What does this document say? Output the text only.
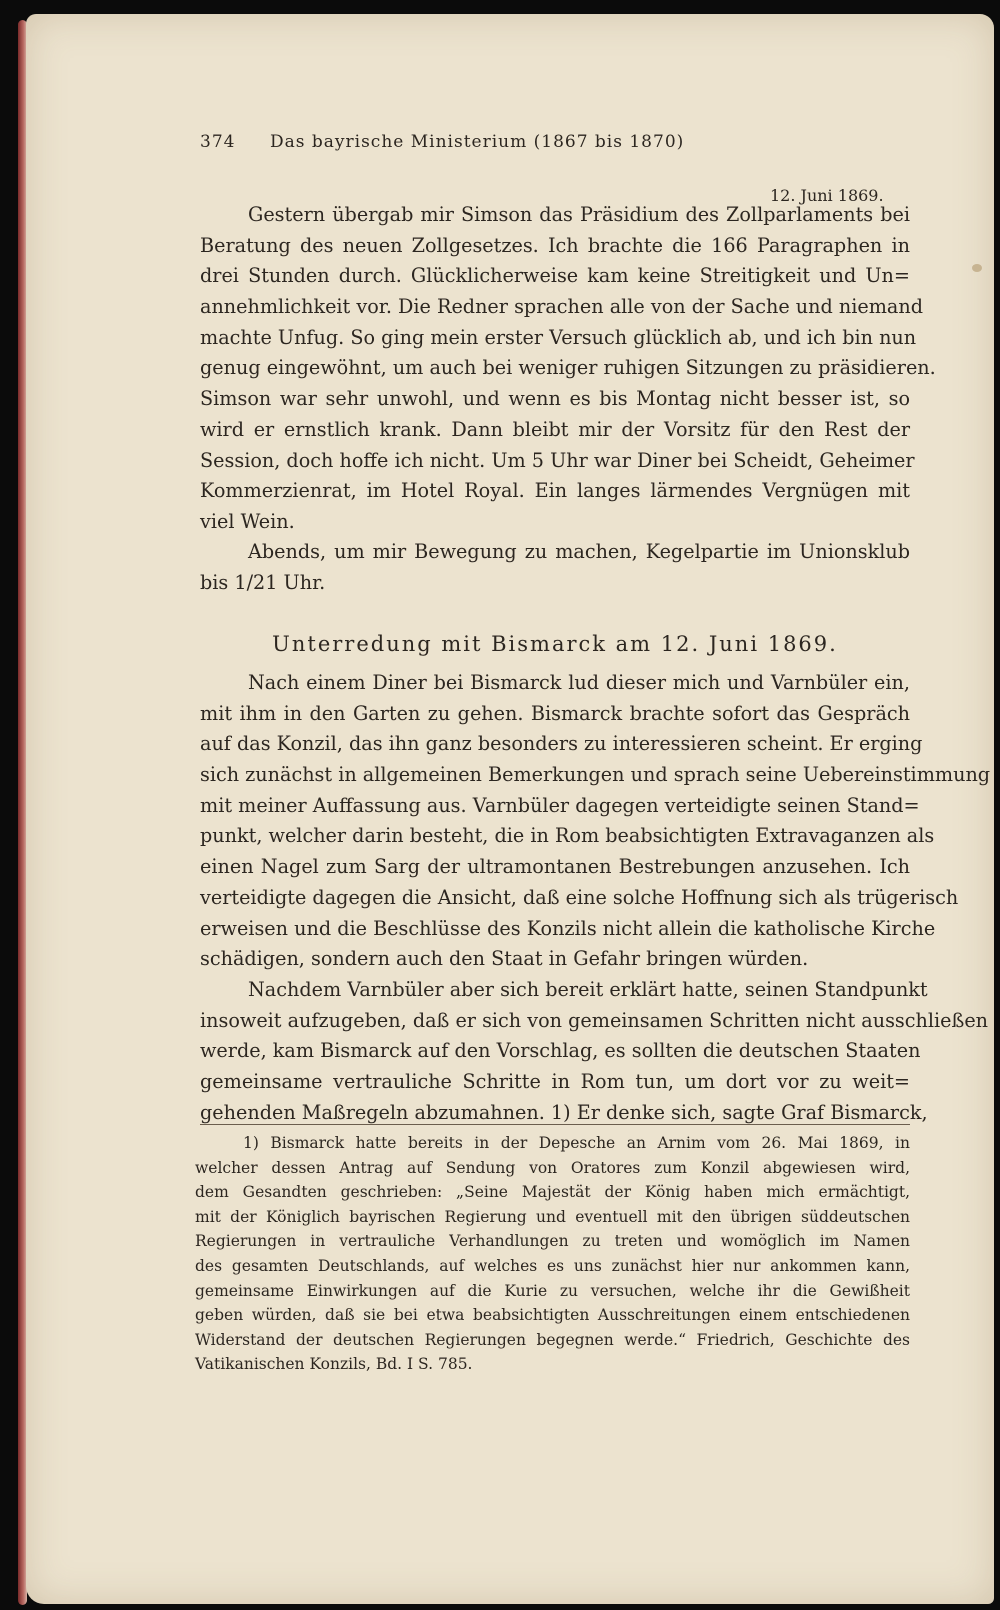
374	Das bayrische Ministerium (1867 bis 1870)
12. Juni 1869.
Gestern übergab mir Simson das Präsidium des Zollparlaments bei
Beratung des neuen Zollgesetzes. Ich brachte die 166 Paragraphen in
drei Stunden durch. Glücklicherweise kam keine Streitigkeit und Un=
annehmlichkeit vor. Die Redner sprachen alle von der Sache und niemand
machte Unfug. So ging mein erster Versuch glücklich ab, und ich bin nun
genug eingewöhnt, um auch bei weniger ruhigen Sitzungen zu präsidieren.
Simson war sehr unwohl, und wenn es bis Montag nicht besser ist, so
wird er ernstlich krank. Dann bleibt mir der Vorsitz für den Rest der
Session, doch hoffe ich nicht. Um 5 Uhr war Diner bei Scheidt, Geheimer
Kommerzienrat, im Hotel Royal. Ein langes lärmendes Vergnügen mit
viel Wein.
Abends, um mir Bewegung zu machen, Kegelpartie im Unionsklub
bis 1/21 Uhr.
Unterredung mit Bismarck am 12. Juni 1869.
Nach einem Diner bei Bismarck lud dieser mich und Varnbüler ein,
mit ihm in den Garten zu gehen. Bismarck brachte sofort das Gespräch
auf das Konzil, das ihn ganz besonders zu interessieren scheint. Er erging
sich zunächst in allgemeinen Bemerkungen und sprach seine Uebereinstimmung
mit meiner Auffassung aus. Varnbüler dagegen verteidigte seinen Stand=
punkt, welcher darin besteht, die in Rom beabsichtigten Extravaganzen als
einen Nagel zum Sarg der ultramontanen Bestrebungen anzusehen. Ich
verteidigte dagegen die Ansicht, daß eine solche Hoffnung sich als trügerisch
erweisen und die Beschlüsse des Konzils nicht allein die katholische Kirche
schädigen, sondern auch den Staat in Gefahr bringen würden.
Nachdem Varnbüler aber sich bereit erklärt hatte, seinen Standpunkt
insoweit aufzugeben, daß er sich von gemeinsamen Schritten nicht ausschließen
werde, kam Bismarck auf den Vorschlag, es sollten die deutschen Staaten
gemeinsame vertrauliche Schritte in Rom tun, um dort vor zu weit=
gehenden Maßregeln abzumahnen. 1) Er denke sich, sagte Graf Bismarck,
1) Bismarck hatte bereits in der Depesche an Arnim vom 26. Mai 1869, in
welcher dessen Antrag auf Sendung von Oratores zum Konzil abgewiesen wird,
dem Gesandten geschrieben: „Seine Majestät der König haben mich ermächtigt,
mit der Königlich bayrischen Regierung und eventuell mit den übrigen süddeutschen
Regierungen in vertrauliche Verhandlungen zu treten und womöglich im Namen
des gesamten Deutschlands, auf welches es uns zunächst hier nur ankommen kann,
gemeinsame Einwirkungen auf die Kurie zu versuchen, welche ihr die Gewißheit
geben würden, daß sie bei etwa beabsichtigten Ausschreitungen einem entschiedenen
Widerstand der deutschen Regierungen begegnen werde.“ Friedrich, Geschichte des
Vatikanischen Konzils, Bd. I S. 785.
